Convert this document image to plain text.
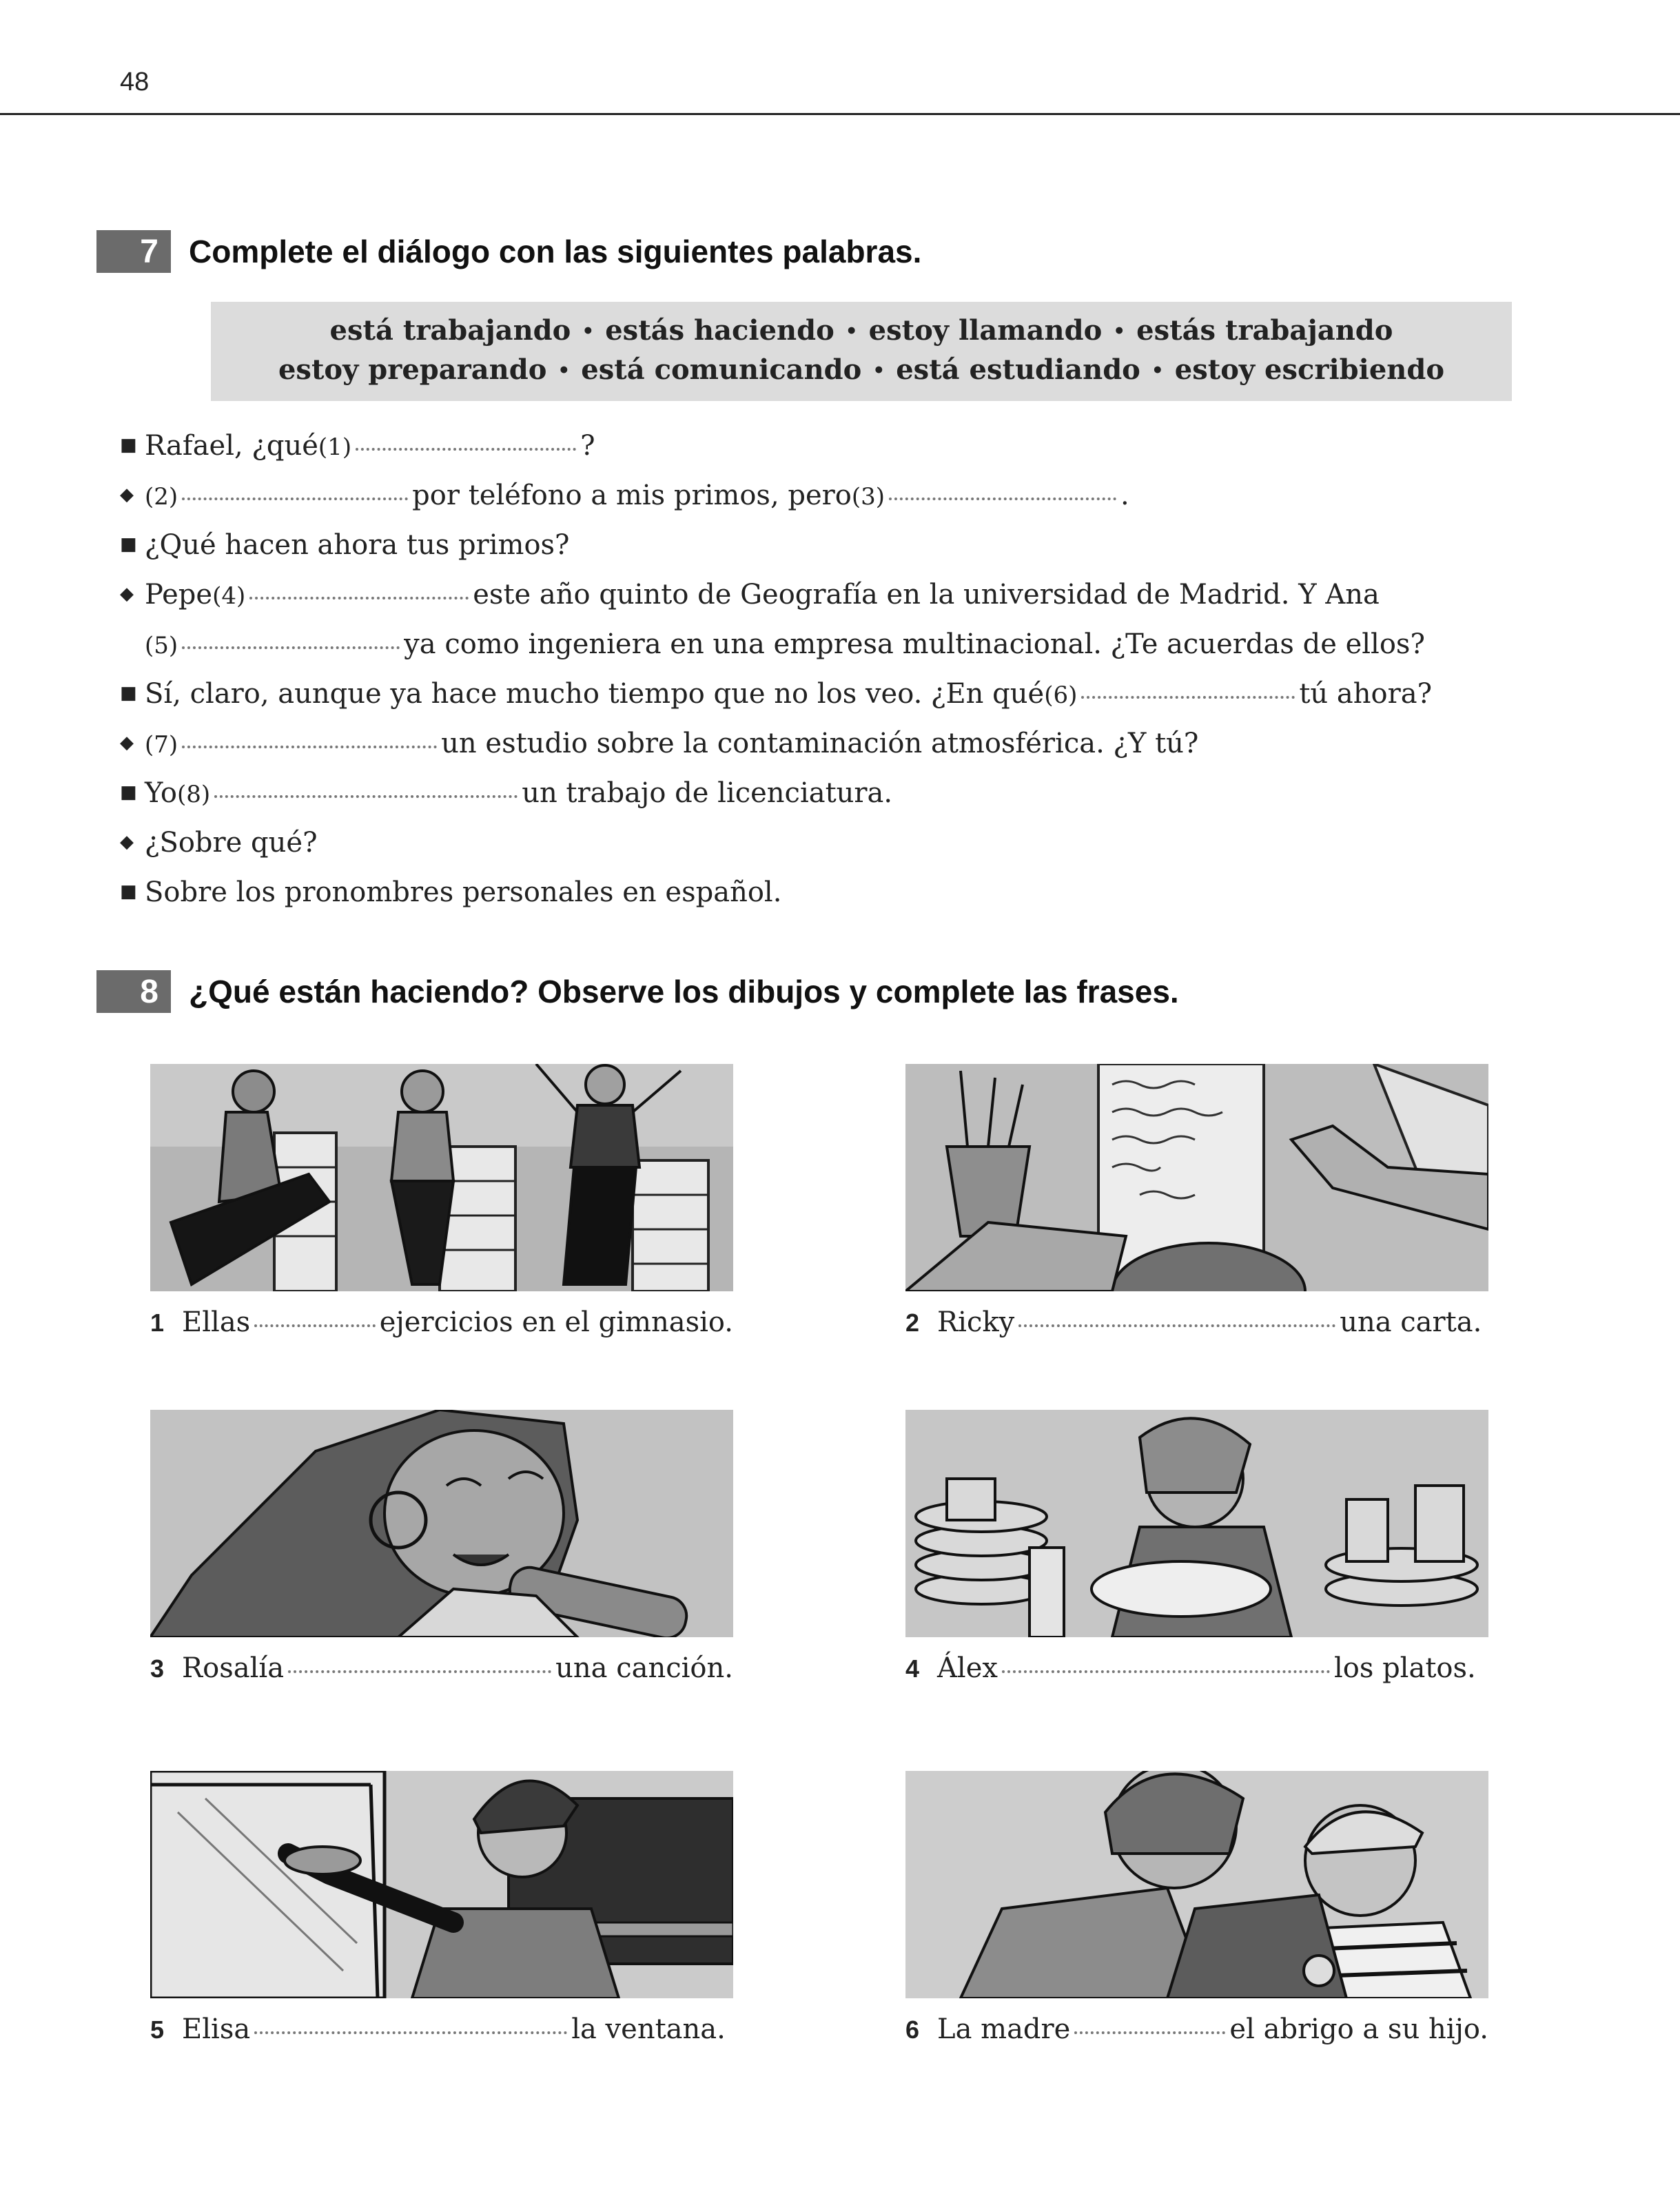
48
7 Complete el diálogo con las siguientes palabras.
está trabajando • estás haciendo • estoy llamando • estás trabajando
estoy preparando • está comunicando • está estudiando • estoy escribiendo
■ Rafael, ¿qué (1)	?
◆ (2)	por teléfono a mis primos, pero (3)	.
■ ¿Qué hacen ahora tus primos?
◆ Pepe (4)	este año quinto de Geografía en la universidad de Madrid. Y Ana
(5)	ya como ingeniera en una empresa multinacional. ¿Te acuerdas de ellos?
■ Sí, claro, aunque ya hace mucho tiempo que no los veo. ¿En qué (6)	tú ahora?
◆ (7)	un estudio sobre la contaminación atmosférica. ¿Y tú?
■ Yo (8)	un trabajo de licenciatura.
◆ ¿Sobre qué?
■ Sobre los pronombres personales en español.
8 ¿Qué están haciendo? Observe los dibujos y complete las frases.
1 Ellas	ejercicios en el gimnasio.	2 Ricky	una carta.
3 Rosalía	una canción.	4 Álex	los platos.
5 Elisa	la ventana.	6 La madre	el abrigo a su hijo.
